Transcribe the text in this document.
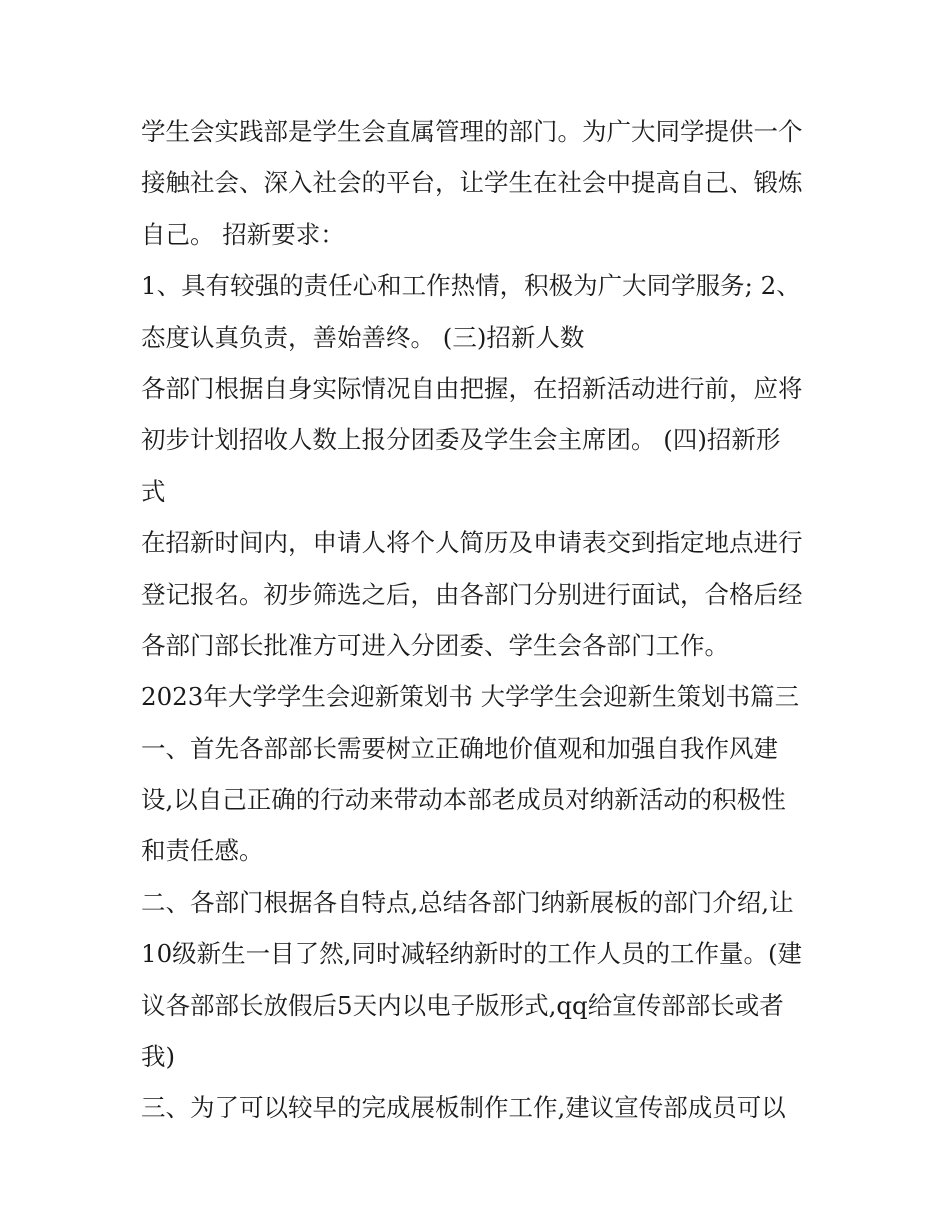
学生会实践部是学生会直属管理的部门。为广大同学提供一个
接触社会、深入社会的平台，让学生在社会中提高自己、锻炼
自己。 招新要求：
1、具有较强的责任心和工作热情，积极为广大同学服务; 2、
态度认真负责，善始善终。 (三)招新人数
各部门根据自身实际情况自由把握，在招新活动进行前，应将
初步计划招收人数上报分团委及学生会主席团。 (四)招新形
式
在招新时间内，申请人将个人简历及申请表交到指定地点进行
登记报名。初步筛选之后，由各部门分别进行面试，合格后经
各部门部长批准方可进入分团委、学生会各部门工作。
2023年大学学生会迎新策划书 大学学生会迎新生策划书篇三
一、首先各部部长需要树立正确地价值观和加强自我作风建
设,以自己正确的行动来带动本部老成员对纳新活动的积极性
和责任感。
二、各部门根据各自特点,总结各部门纳新展板的部门介绍,让
10级新生一目了然,同时减轻纳新时的工作人员的工作量。(建
议各部部长放假后5天内以电子版形式,qq给宣传部部长或者
我)
三、为了可以较早的完成展板制作工作,建议宣传部成员可以
